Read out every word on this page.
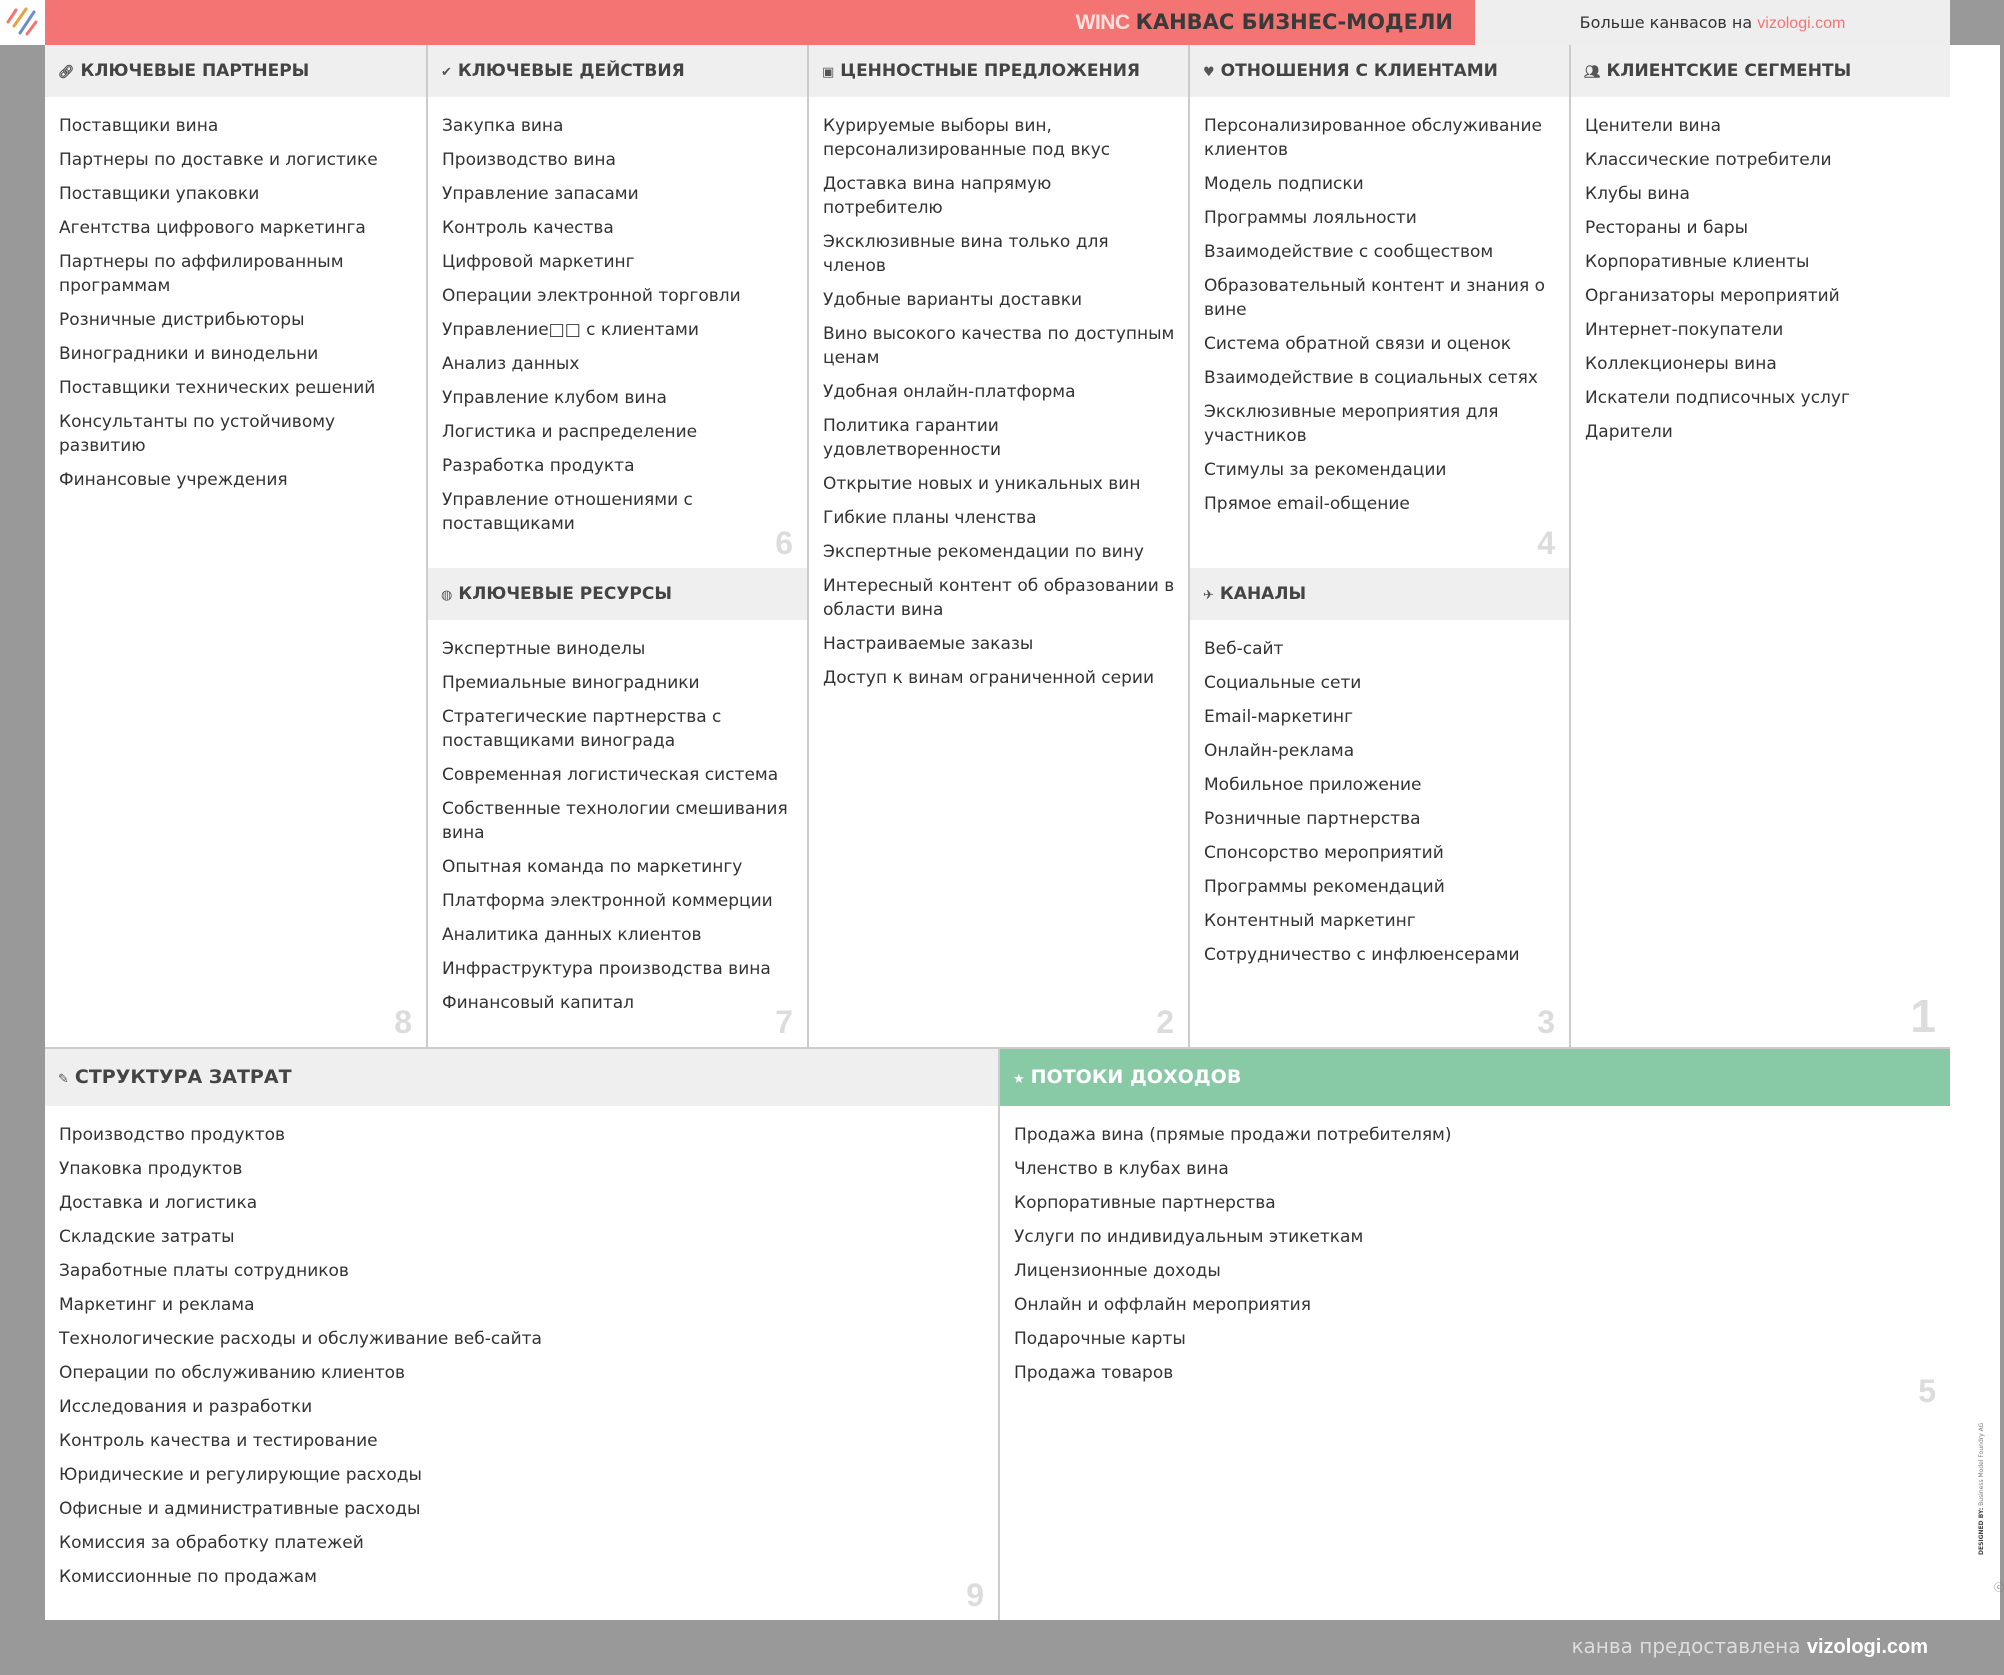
WINC КАНВАС БИЗНЕС-МОДЕЛИ	Больше канвасов на vizologi.com
🔗︎ КЛЮЧЕВЫЕ ПАРТНЕРЫ
Поставщики вина
Партнеры по доставке и логистике
Поставщики упаковки
Агентства цифрового маркетинга
Партнеры по аффилированным программам
Розничные дистрибьюторы
Виноградники и винодельни
Поставщики технических решений
Консультанты по устойчивому развитию
Финансовые учреждения
8
✔ КЛЮЧЕВЫЕ ДЕЙСТВИЯ
Закупка вина
Производство вина
Управление запасами
Контроль качества
Цифровой маркетинг
Операции электронной торговли
Управление□□ с клиентами
Анализ данных
Управление клубом вина
Логистика и распределение
Разработка продукта
Управление отношениями с поставщиками
6
◍ КЛЮЧЕВЫЕ РЕСУРСЫ
Экспертные виноделы
Премиальные виноградники
Стратегические партнерства с поставщиками винограда
Современная логистическая система
Собственные технологии смешивания вина
Опытная команда по маркетингу
Платформа электронной коммерции
Аналитика данных клиентов
Инфраструктура производства вина
Финансовый капитал
7
▣ ЦЕННОСТНЫЕ ПРЕДЛОЖЕНИЯ
Курируемые выборы вин, персонализированные под вкус
Доставка вина напрямую потребителю
Эксклюзивные вина только для членов
Удобные варианты доставки
Вино высокого качества по доступным ценам
Удобная онлайн-платформа
Политика гарантии удовлетворенности
Открытие новых и уникальных вин
Гибкие планы членства
Экспертные рекомендации по вину
Интересный контент об образовании в области вина
Настраиваемые заказы
Доступ к винам ограниченной серии
2
♥ ОТНОШЕНИЯ С КЛИЕНТАМИ
Персонализированное обслуживание клиентов
Модель подписки
Программы лояльности
Взаимодействие с сообществом
Образовательный контент и знания о вине
Система обратной связи и оценок
Взаимодействие в социальных сетях
Эксклюзивные мероприятия для участников
Стимулы за рекомендации
Прямое email-общение
4
✈ КАНАЛЫ
Веб-сайт
Социальные сети
Email-маркетинг
Онлайн-реклама
Мобильное приложение
Розничные партнерства
Спонсорство мероприятий
Программы рекомендаций
Контентный маркетинг
Сотрудничество с инфлюенсерами
3
👥︎ КЛИЕНТСКИЕ СЕГМЕНТЫ
Ценители вина
Классические потребители
Клубы вина
Рестораны и бары
Корпоративные клиенты
Организаторы мероприятий
Интернет-покупатели
Коллекционеры вина
Искатели подписочных услуг
Дарители
1
✎ СТРУКТУРА ЗАТРАТ
Производство продуктов
Упаковка продуктов
Доставка и логистика
Складские затраты
Заработные платы сотрудников
Маркетинг и реклама
Технологические расходы и обслуживание веб-сайта
Операции по обслуживанию клиентов
Исследования и разработки
Контроль качества и тестирование
Юридические и регулирующие расходы
Офисные и административные расходы
Комиссия за обработку платежей
Комиссионные по продажам	9
★ ПОТОКИ ДОХОДОВ
Продажа вина (прямые продажи потребителям)
Членство в клубах вина
Корпоративные партнерства
Услуги по индивидуальным этикеткам
Лицензионные доходы
Онлайн и оффлайн мероприятия
Подарочные карты
Продажа товаров	5
DESIGNED BY: Business Model Foundry AG
ⓒ
канва предоставлена vizologi.com
